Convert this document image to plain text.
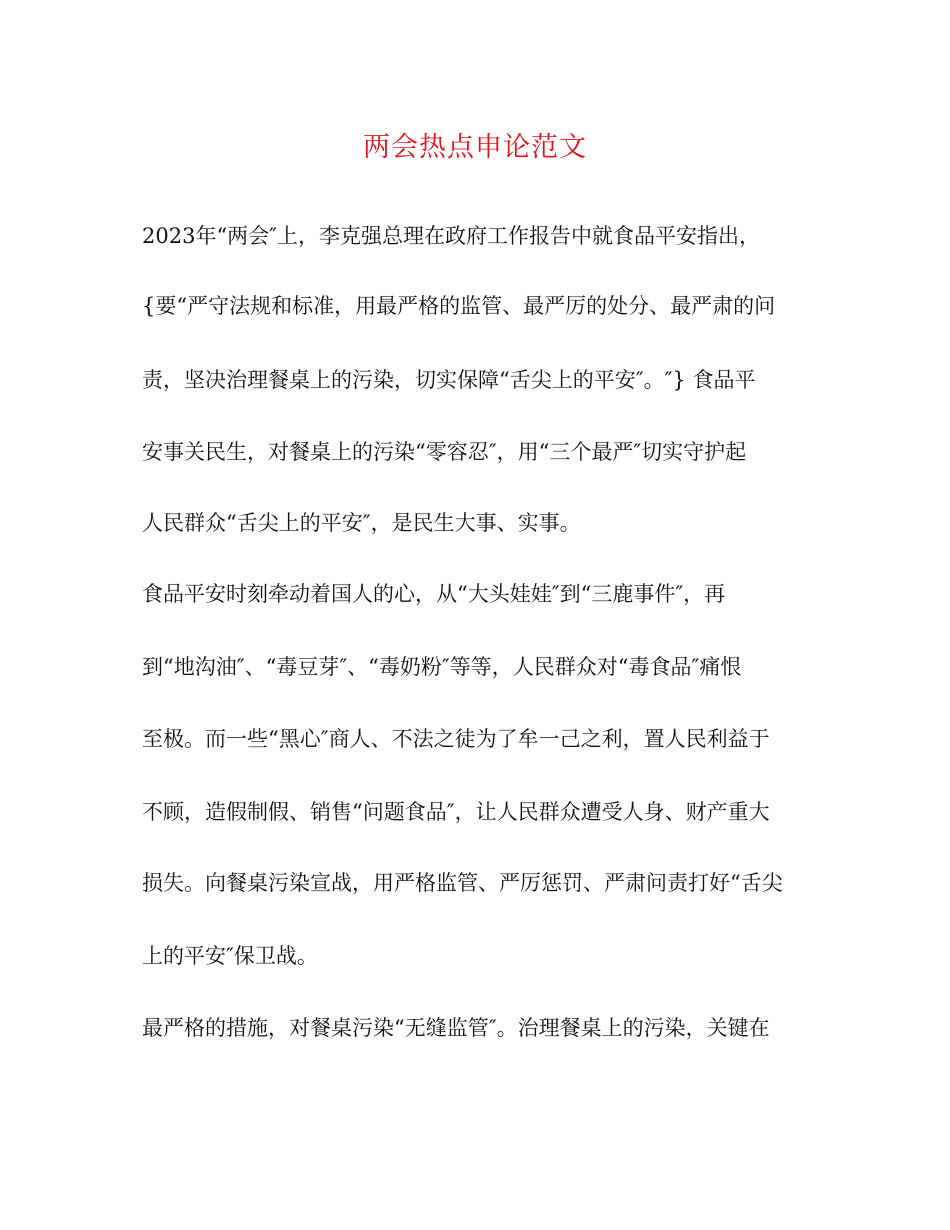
两会热点申论范文
2023年“两会″上，李克强总理在政府工作报告中就食品平安指出，
{要“严守法规和标准，用最严格的监管、最严厉的处分、最严肃的问
责，坚决治理餐桌上的污染，切实保障“舌尖上的平安″。″} 食品平
安事关民生，对餐桌上的污染“零容忍″，用“三个最严″切实守护起
人民群众“舌尖上的平安″，是民生大事、实事。
食品平安时刻牵动着国人的心，从“大头娃娃″到“三鹿事件″，再
到“地沟油″、“毒豆芽″、“毒奶粉″等等，人民群众对“毒食品″痛恨
至极。而一些“黑心″商人、不法之徒为了牟一己之利，置人民利益于
不顾，造假制假、销售“问题食品″，让人民群众遭受人身、财产重大
损失。向餐桌污染宣战，用严格监管、严厉惩罚、严肃问责打好“舌尖
上的平安″保卫战。
最严格的措施，对餐桌污染“无缝监管″。治理餐桌上的污染，关键在
